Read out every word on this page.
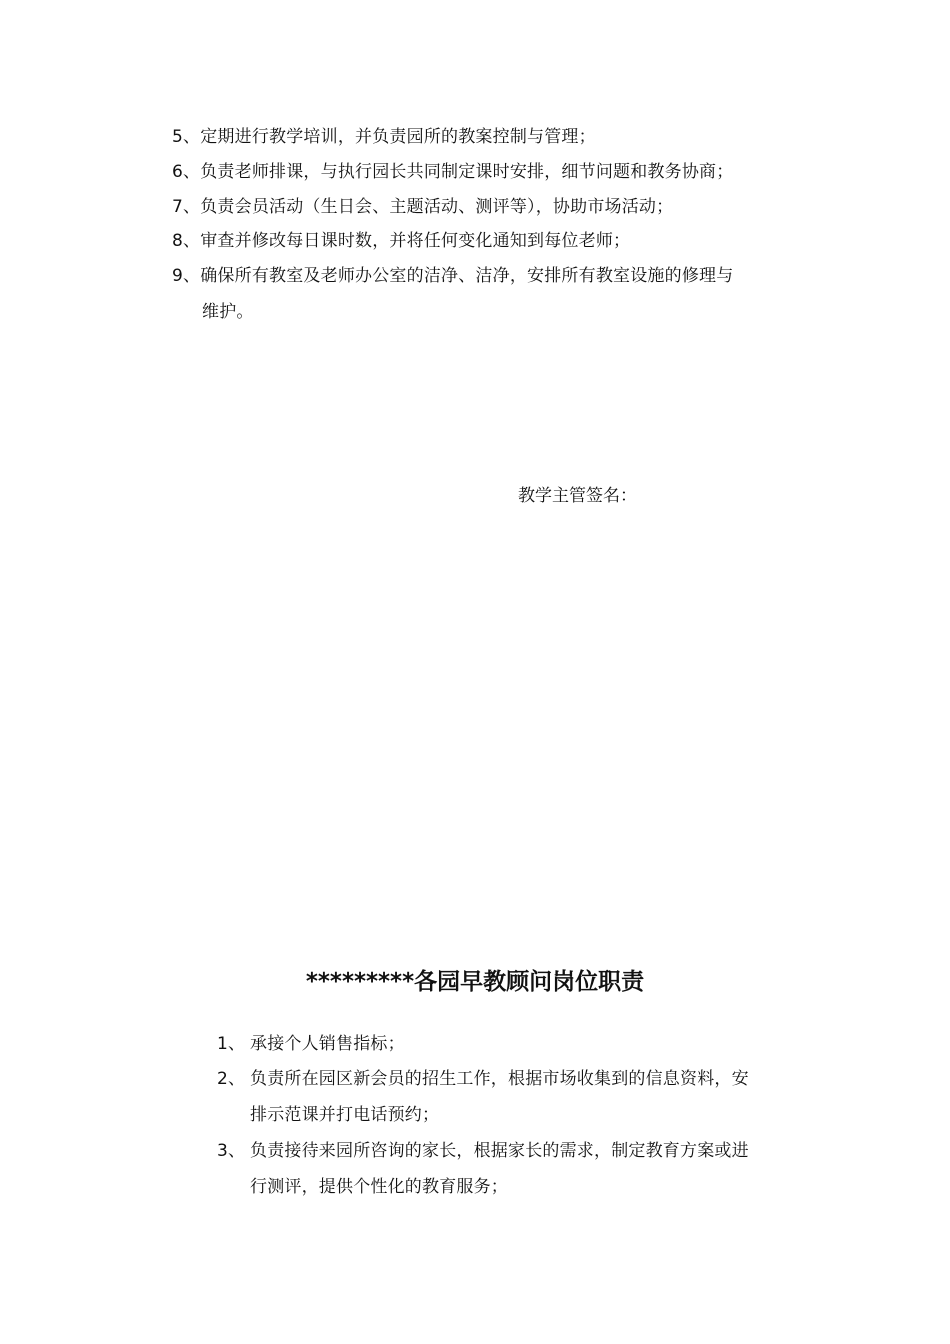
5、定期进行教学培训，并负责园所的教案控制与管理；
6、负责老师排课，与执行园长共同制定课时安排，细节问题和教务协商；
7、负责会员活动（生日会、主题活动、测评等），协助市场活动；
8、审查并修改每日课时数，并将任何变化通知到每位老师；
9、确保所有教室及老师办公室的洁净、洁净，安排所有教室设施的修理与
维护。
教学主管签名：
*********各园早教顾问岗位职责
1、 承接个人销售指标；
2、 负责所在园区新会员的招生工作，根据市场收集到的信息资料，安
排示范课并打电话预约；
3、 负责接待来园所咨询的家长，根据家长的需求，制定教育方案或进
行测评，提供个性化的教育服务；
